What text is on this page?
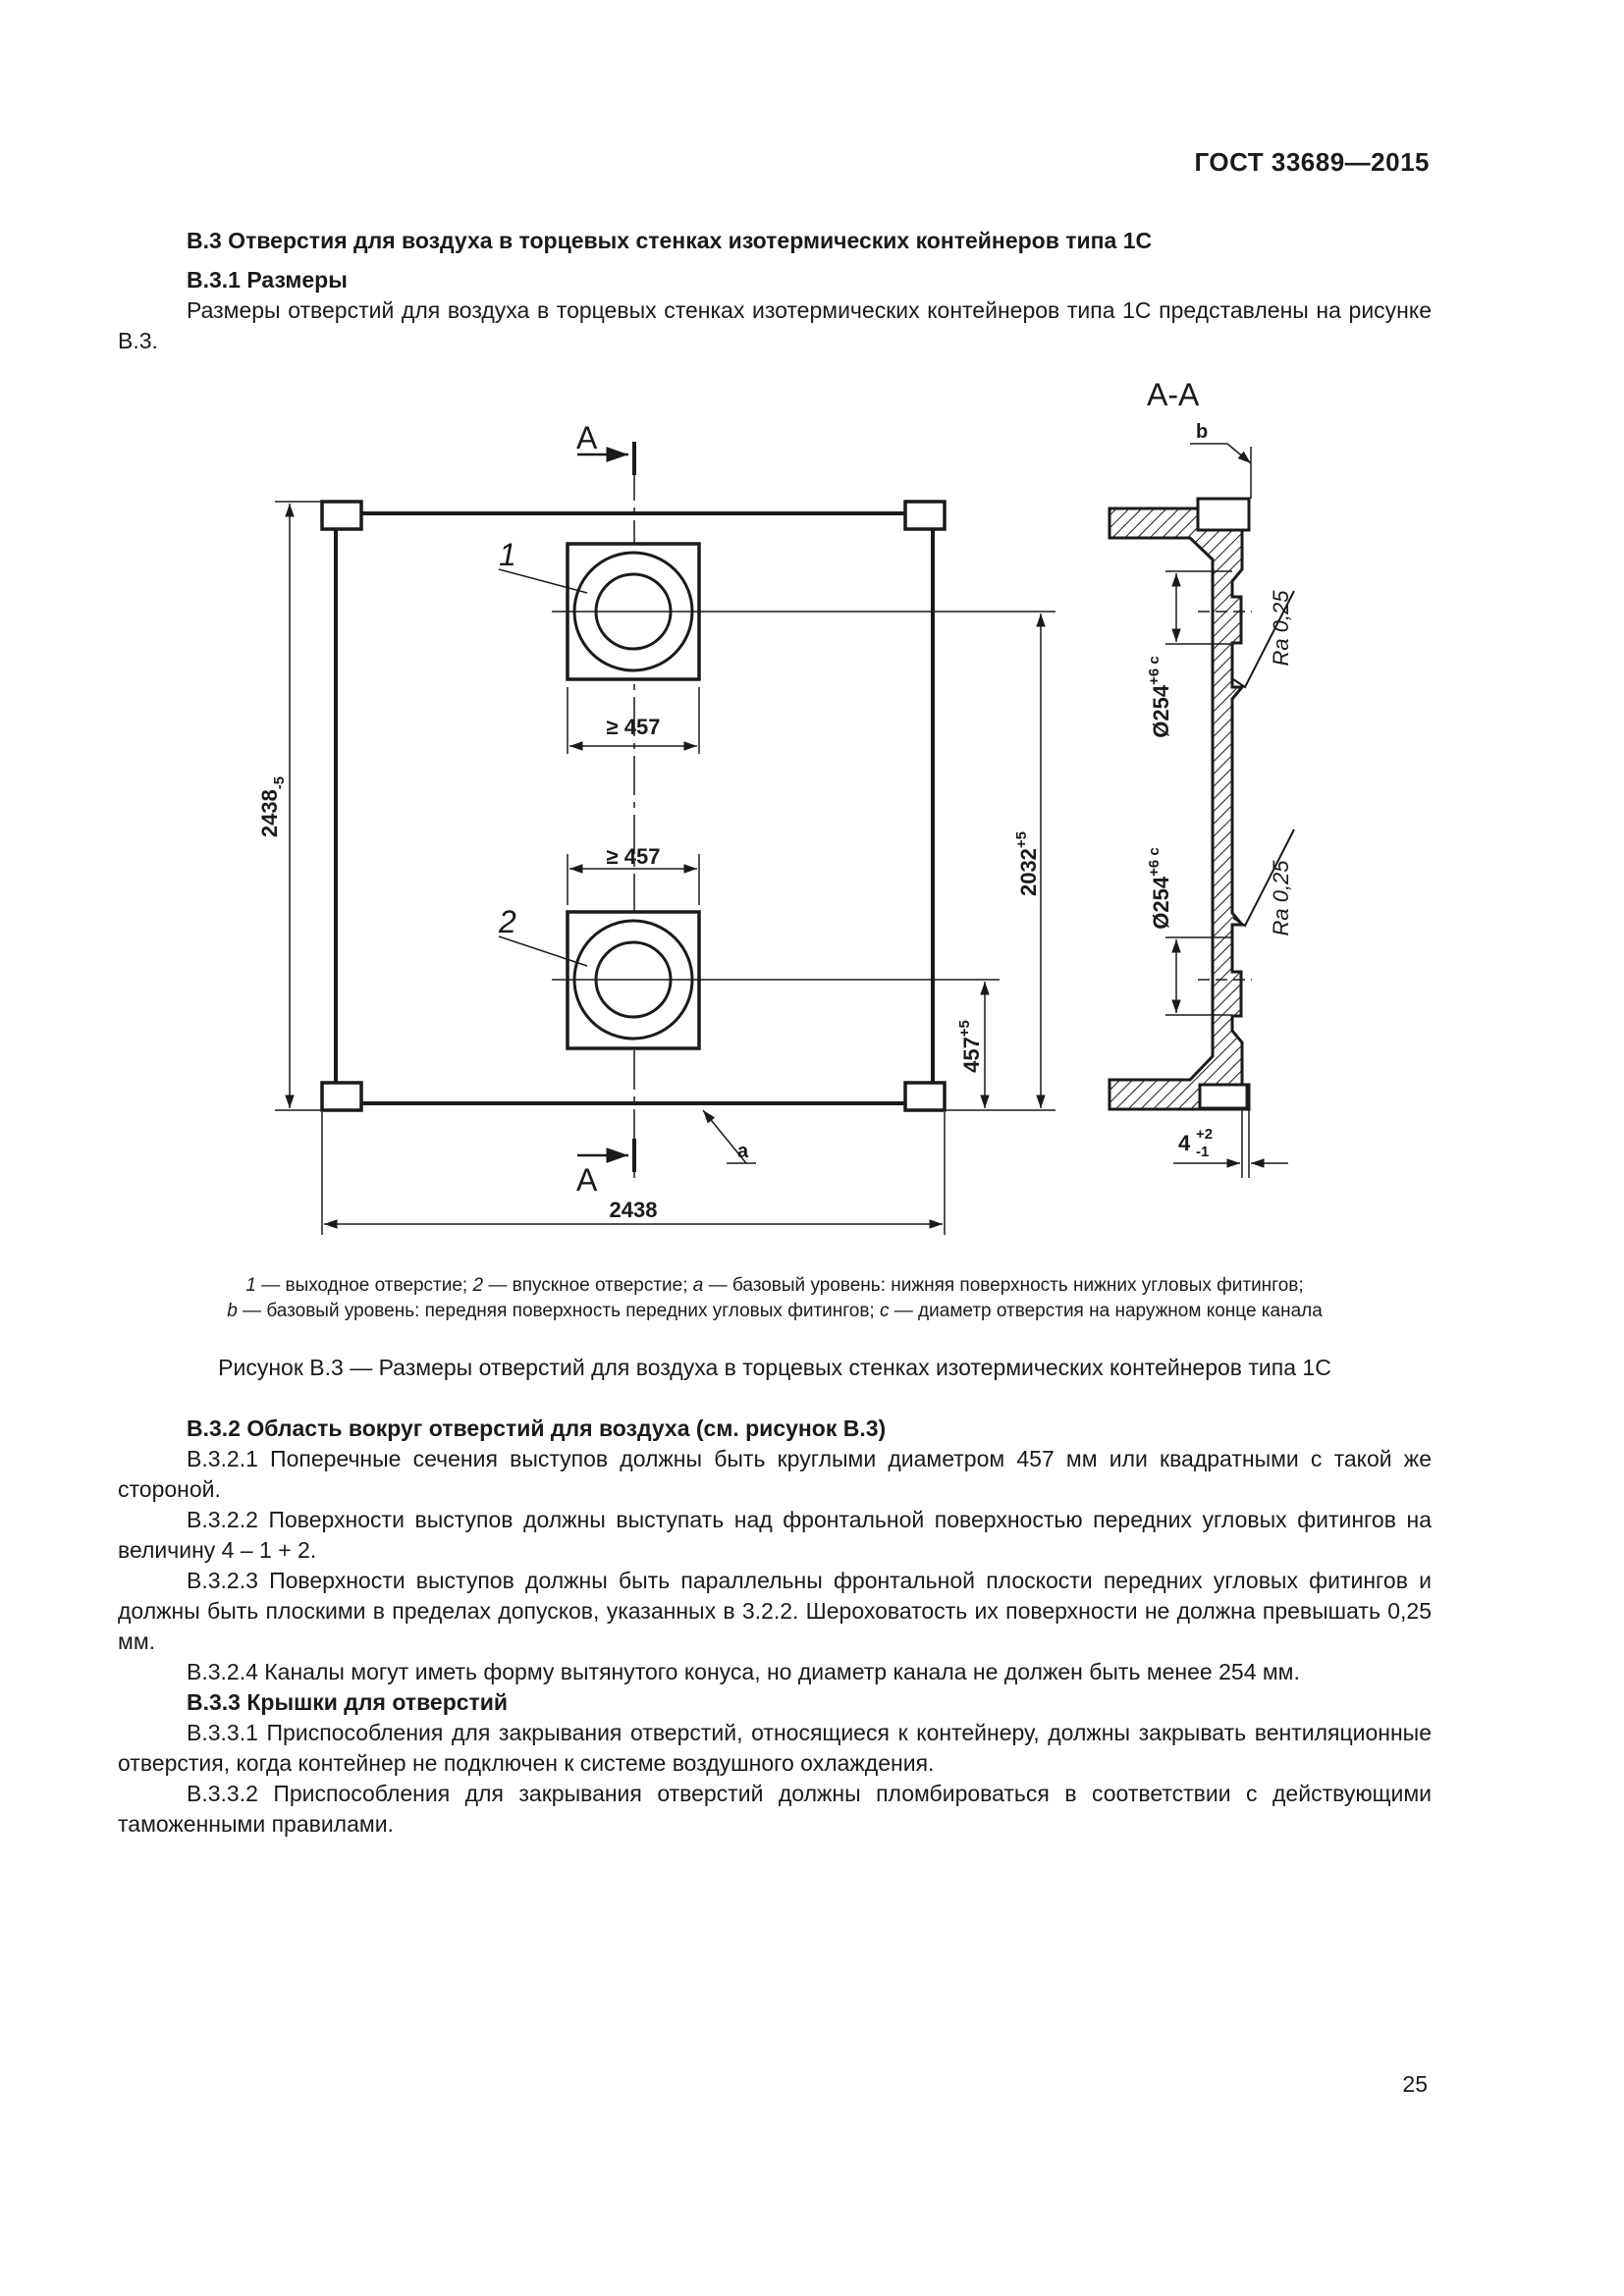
ГОСТ 33689—2015
В.3 Отверстия для воздуха в торцевых стенках изотермических контейнеров типа 1С
В.3.1 Размеры
Размеры отверстий для воздуха в торцевых стенках изотермических контейнеров типа 1С представлены на рисунке В.3.
А
А
1
2
a
≥ 457
≥ 457
$2438_{-5}$
2438
$2032^{+5}$
$457^{+5}$
А-А
$Ø254^{+6 c}$
$Ø254^{+6 c}$
Ra 0,25
Ra 0,25
b
4 +2
-1
1 — выходное отверстие; 2 — впускное отверстие; a — базовый уровень: нижняя поверхность нижних угловых фитингов;
b — базовый уровень: передняя поверхность передних угловых фитингов; c — диаметр отверстия на наружном конце канала
Рисунок В.3 — Размеры отверстий для воздуха в торцевых стенках изотермических контейнеров типа 1С
В.3.2 Область вокруг отверстий для воздуха (см. рисунок В.3)
В.3.2.1 Поперечные сечения выступов должны быть круглыми диаметром 457 мм или квадратными с такой же стороной.
В.3.2.2 Поверхности выступов должны выступать над фронтальной поверхностью передних угловых фитингов на величину 4 – 1 + 2.
В.3.2.3 Поверхности выступов должны быть параллельны фронтальной плоскости передних угловых фитингов и должны быть плоскими в пределах допусков, указанных в 3.2.2. Шероховатость их поверхности не должна превышать 0,25 мм.
В.3.2.4 Каналы могут иметь форму вытянутого конуса, но диаметр канала не должен быть менее 254 мм.
В.3.3 Крышки для отверстий
В.3.3.1 Приспособления для закрывания отверстий, относящиеся к контейнеру, должны закрывать вентиляционные отверстия, когда контейнер не подключен к системе воздушного охлаждения.
В.3.3.2 Приспособления для закрывания отверстий должны пломбироваться в соответствии с действующими таможенными правилами.
25
